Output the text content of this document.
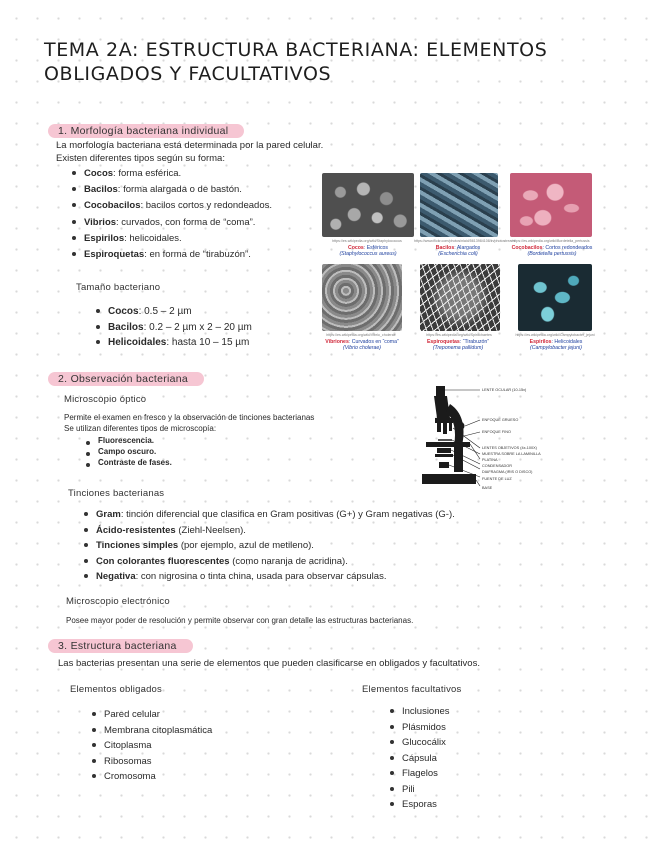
TEMA 2A: ESTRUCTURA BACTERIANA: ELEMENTOS OBLIGADOS Y FACULTATIVOS
1. Morfología bacteriana individual
La morfología bacteriana está determinada por la pared celular.
Existen diferentes tipos según su forma:
Cocos: forma esférica.
Bacilos: forma alargada o de bastón.
Cocobacilos: bacilos cortos y redondeados.
Vibrios: curvados, con forma de “coma”.
Espirilos: helicoidales.
Espiroquetas: en forma de “tirabuzón”.
Tamaño bacteriano
Cocos: 0.5 – 2 µm
Bacilos: 0.2 – 2 µm x 2 – 20 µm
Helicoidales: hasta 10 – 15 µm
https://es.wikipedia.org/wiki/Staphylococcus	https://www.flickr.com/photos/niaid/5613984108/in/photostream
https://es.wikipedia.org/wiki/Bordetella_pertussis
Cocos: Esféricos
(Staphylococcus aureus)
Bacilos: Alargados
(Escherichia coli)
Cocobacilos: Cortos redondeados
(Bordetella pertussis)
https://es.wikipedia.org/wiki/Vibrio_cholerae	https://es.wikipedia.org/wiki/Spirochaetes	https://es.wikipedia.org/wiki/Campylobacter_jejuni
Vibriones: Curvados en “coma”
(Vibrio cholerae)
Espiroquetas: “Tirabuzón”
(Treponema pallidum)
Espirilos: Helicoidales
(Campylobacter jejuni)
2. Observación bacteriana
Microscopio óptico
Permite el examen en fresco y la observación de tinciones bacterianas
Se utilizan diferentes tipos de microscopía:
Fluorescencia.
Campo oscuro.
Contraste de fases.
LENTE OCULAR (10-15x)
ENFOQUE GRUESO
ENFOQUE FINO
LENTES OBJETIVOS (4x-100X)
MUESTRA SOBRE LA LAMINILLA
PLATINA
CONDENSADOR
DIAFRAGMA (IRIS O DISCO)
FUENTE DE LUZ
BASE
Tinciones bacterianas
Gram: tinción diferencial que clasifica en Gram positivas (G+) y Gram negativas (G-).
Ácido-resistentes (Ziehl-Neelsen).
Tinciones simples (por ejemplo, azul de metileno).
Con colorantes fluorescentes (como naranja de acridina).
Negativa: con nigrosina o tinta china, usada para observar cápsulas.
Microscopio electrónico
Posee mayor poder de resolución y permite observar con gran detalle las estructuras bacterianas.
3. Estructura bacteriana
Las bacterias presentan una serie de elementos que pueden clasificarse en obligados y facultativos.
Elementos obligados
Pared celular
Membrana citoplasmática
Citoplasma
Ribosomas
Cromosoma
Elementos facultativos
Inclusiones
Plásmidos
Glucocálix
Cápsula
Flagelos
Pili
Esporas
